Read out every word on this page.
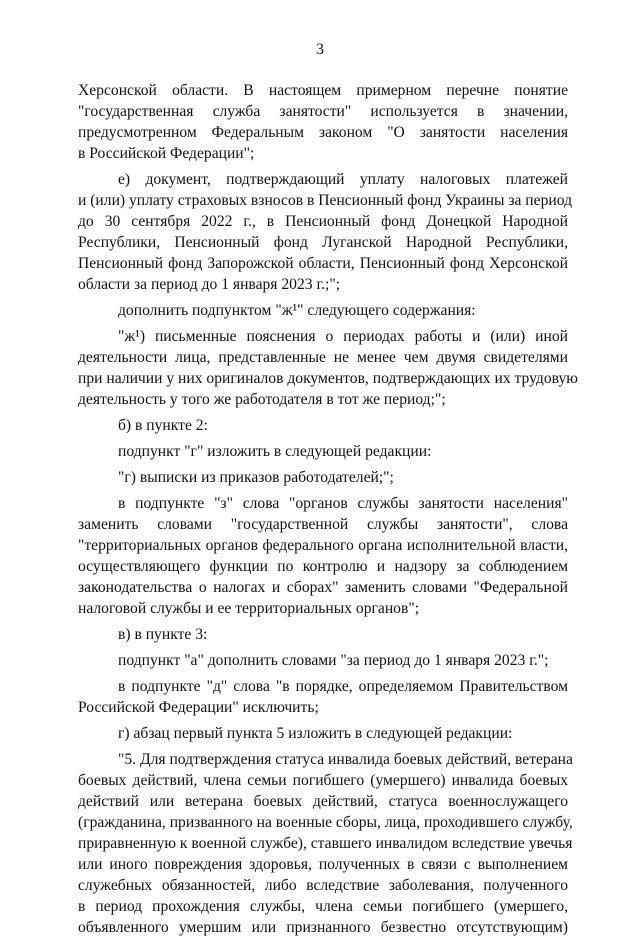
3
Херсонской области. В настоящем примерном перечне понятие
"государственная служба занятости" используется в значении,
предусмотренном Федеральным законом "О занятости населения
в Российской Федерации";
е) документ, подтверждающий уплату налоговых платежей
и (или) уплату страховых взносов в Пенсионный фонд Украины за период
до 30 сентября 2022 г., в Пенсионный фонд Донецкой Народной
Республики, Пенсионный фонд Луганской Народной Республики,
Пенсионный фонд Запорожской области, Пенсионный фонд Херсонской
области за период до 1 января 2023 г.;";
дополнить подпунктом "ж¹" следующего содержания:
"ж¹) письменные пояснения о периодах работы и (или) иной
деятельности лица, представленные не менее чем двумя свидетелями
при наличии у них оригиналов документов, подтверждающих их трудовую
деятельность у того же работодателя в тот же период;";
б) в пункте 2:
подпункт "г" изложить в следующей редакции:
"г) выписки из приказов работодателей;";
в подпункте "з" слова "органов службы занятости населения"
заменить словами "государственной службы занятости", слова
"территориальных органов федерального органа исполнительной власти,
осуществляющего функции по контролю и надзору за соблюдением
законодательства о налогах и сборах" заменить словами "Федеральной
налоговой службы и ее территориальных органов";
в) в пункте 3:
подпункт "а" дополнить словами "за период до 1 января 2023 г.";
в подпункте "д" слова "в порядке, определяемом Правительством
Российской Федерации" исключить;
г) абзац первый пункта 5 изложить в следующей редакции:
"5. Для подтверждения статуса инвалида боевых действий, ветерана
боевых действий, члена семьи погибшего (умершего) инвалида боевых
действий или ветерана боевых действий, статуса военнослужащего
(гражданина, призванного на военные сборы, лица, проходившего службу,
приравненную к военной службе), ставшего инвалидом вследствие увечья
или иного повреждения здоровья, полученных в связи с выполнением
служебных обязанностей, либо вследствие заболевания, полученного
в период прохождения службы, члена семьи погибшего (умершего,
объявленного умершим или признанного безвестно отсутствующим)
